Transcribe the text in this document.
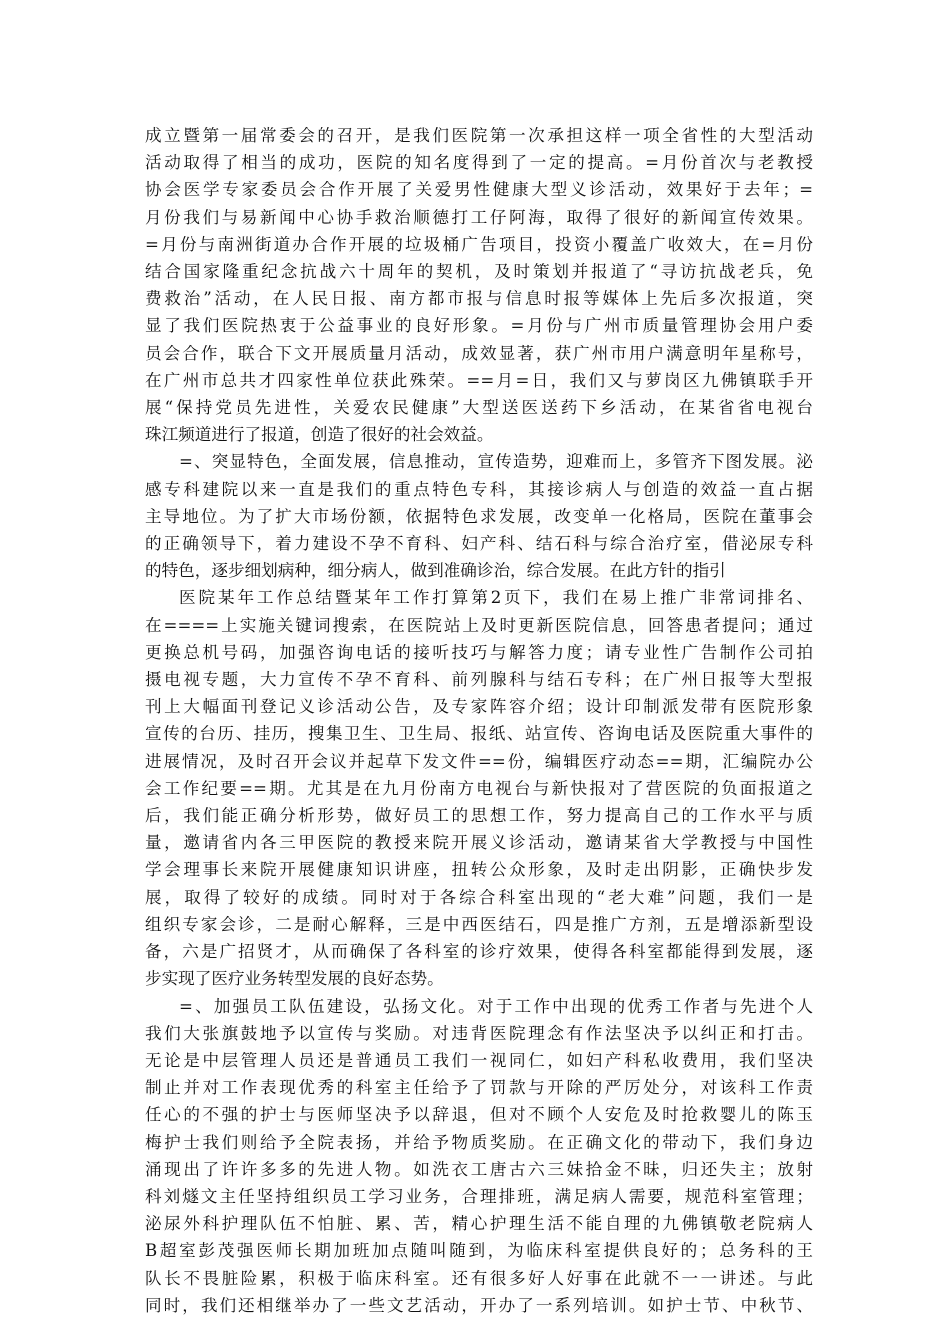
成立暨第一届常委会的召开，是我们医院第一次承担这样一项全省性的大型活动
活动取得了相当的成功，医院的知名度得到了一定的提高。=月份首次与老教授
协会医学专家委员会合作开展了关爱男性健康大型义诊活动，效果好于去年；=
月份我们与易新闻中心协手救治顺德打工仔阿海，取得了很好的新闻宣传效果。
=月份与南洲街道办合作开展的垃圾桶广告项目，投资小覆盖广收效大，在=月份
结合国家隆重纪念抗战六十周年的契机，及时策划并报道了“寻访抗战老兵，免
费救治”活动，在人民日报、南方都市报与信息时报等媒体上先后多次报道，突
显了我们医院热衷于公益事业的良好形象。=月份与广州市质量管理协会用户委
员会合作，联合下文开展质量月活动，成效显著，获广州市用户满意明年星称号，
在广州市总共才四家性单位获此殊荣。==月=日，我们又与萝岗区九佛镇联手开
展“保持党员先进性，关爱农民健康”大型送医送药下乡活动，在某省省电视台
珠江频道进行了报道，创造了很好的社会效益。
=、突显特色，全面发展，信息推动，宣传造势，迎难而上，多管齐下图发展。泌
感专科建院以来一直是我们的重点特色专科，其接诊病人与创造的效益一直占据
主导地位。为了扩大市场份额，依据特色求发展，改变单一化格局，医院在董事会
的正确领导下，着力建设不孕不育科、妇产科、结石科与综合治疗室，借泌尿专科
的特色，逐步细划病种，细分病人，做到准确诊治，综合发展。在此方针的指引
医院某年工作总结暨某年工作打算第2页下，我们在易上推广非常词排名、
在====上实施关键词搜索，在医院站上及时更新医院信息，回答患者提问；通过
更换总机号码，加强咨询电话的接听技巧与解答力度；请专业性广告制作公司拍
摄电视专题，大力宣传不孕不育科、前列腺科与结石专科；在广州日报等大型报
刊上大幅面刊登记义诊活动公告，及专家阵容介绍；设计印制派发带有医院形象
宣传的台历、挂历，搜集卫生、卫生局、报纸、站宣传、咨询电话及医院重大事件的
进展情况，及时召开会议并起草下发文件==份，编辑医疗动态==期，汇编院办公
会工作纪要==期。尤其是在九月份南方电视台与新快报对了营医院的负面报道之
后，我们能正确分析形势，做好员工的思想工作，努力提高自己的工作水平与质
量，邀请省内各三甲医院的教授来院开展义诊活动，邀请某省大学教授与中国性
学会理事长来院开展健康知识讲座，扭转公众形象，及时走出阴影，正确快步发
展，取得了较好的成绩。同时对于各综合科室出现的“老大难”问题，我们一是
组织专家会诊，二是耐心解释，三是中西医结石，四是推广方剂，五是增添新型设
备，六是广招贤才，从而确保了各科室的诊疗效果，使得各科室都能得到发展，逐
步实现了医疗业务转型发展的良好态势。
=、加强员工队伍建设，弘扬文化。对于工作中出现的优秀工作者与先进个人
我们大张旗鼓地予以宣传与奖励。对违背医院理念有作法坚决予以纠正和打击。
无论是中层管理人员还是普通员工我们一视同仁，如妇产科私收费用，我们坚决
制止并对工作表现优秀的科室主任给予了罚款与开除的严厉处分，对该科工作责
任心的不强的护士与医师坚决予以辞退，但对不顾个人安危及时抢救婴儿的陈玉
梅护士我们则给予全院表扬，并给予物质奖励。在正确文化的带动下，我们身边
涌现出了许许多多的先进人物。如洗衣工唐古六三妹拾金不昧，归还失主；放射
科刘燧文主任坚持组织员工学习业务，合理排班，满足病人需要，规范科室管理；
泌尿外科护理队伍不怕脏、累、苦，精心护理生活不能自理的九佛镇敬老院病人
B超室彭茂强医师长期加班加点随叫随到，为临床科室提供良好的；总务科的王
队长不畏脏险累，积极于临床科室。还有很多好人好事在此就不一一讲述。与此
同时，我们还相继举办了一些文艺活动，开办了一系列培训。如护士节、中秋节、
